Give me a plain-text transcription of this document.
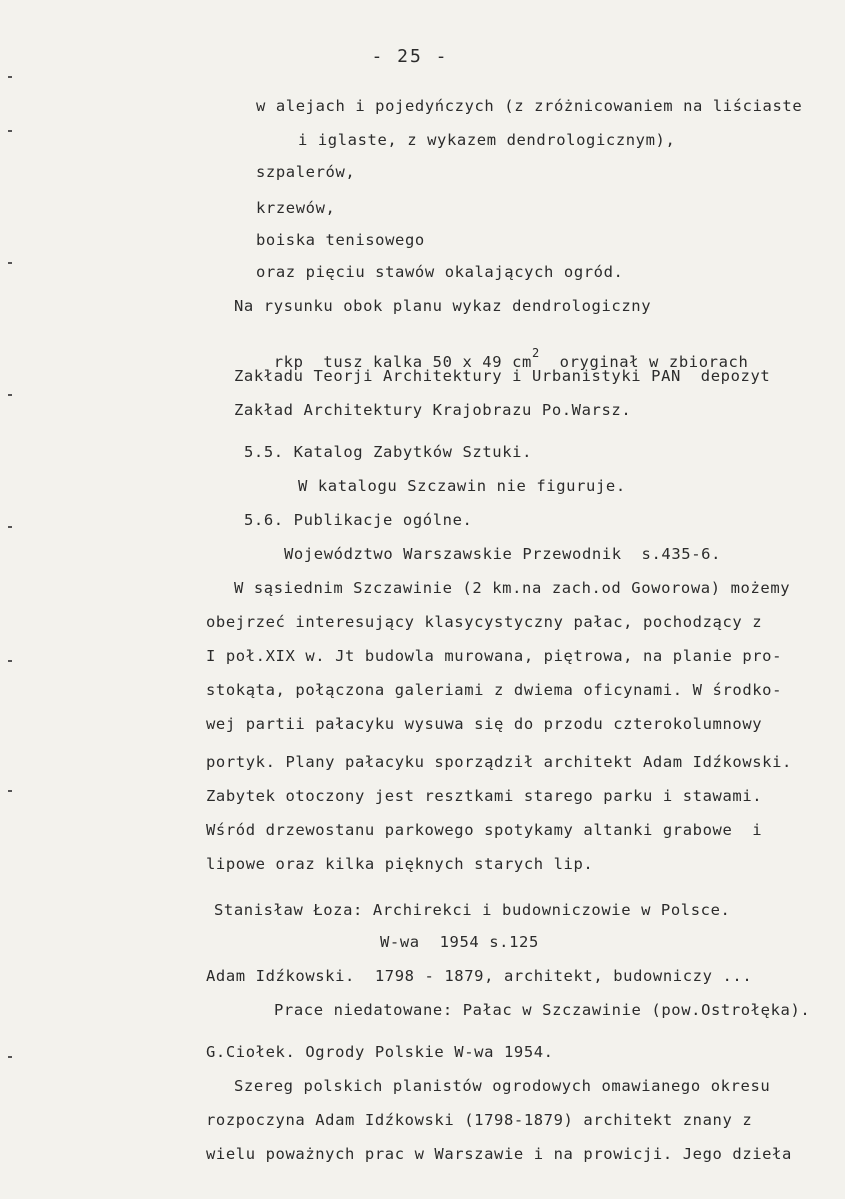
- 25 -
w alejach i pojedyńczych (z zróżnicowaniem na liściaste
i iglaste, z wykazem dendrologicznym),
szpalerów,
krzewów,
boiska tenisowego
oraz pięciu stawów okalających ogród.
Na rysunku obok planu wykaz dendrologiczny

rkp  tusz kalka 50 x 49 $cm^2$ oryginał w zbiorach

Zakładu Teorji Architektury i Urbanistyki PAN  depozyt
Zakład Architektury Krajobrazu Po.Warsz.
5.5. Katalog Zabytków Sztuki.
W katalogu Szczawin nie figuruje.
5.6. Publikacje ogólne.
Województwo Warszawskie Przewodnik  s.435-6.
W sąsiednim Szczawinie (2 km.na zach.od Goworowa) możemy
obejrzeć interesujący klasycystyczny pałac, pochodzący z
I poł.XIX w. Jt budowla murowana, piętrowa, na planie pro-
stokąta, połączona galeriami z dwiema oficynami. W środko-
wej partii pałacyku wysuwa się do przodu czterokolumnowy
portyk. Plany pałacyku sporządził architekt Adam Idźkowski.
Zabytek otoczony jest resztkami starego parku i stawami.
Wśród drzewostanu parkowego spotykamy altanki grabowe  i
lipowe oraz kilka pięknych starych lip.
Stanisław Łoza: Archirekci i budowniczowie w Polsce.
W-wa  1954 s.125
Adam Idźkowski.  1798 - 1879, architekt, budowniczy ...
Prace niedatowane: Pałac w Szczawinie (pow.Ostrołęka).
G.Ciołek. Ogrody Polskie W-wa 1954.
Szereg polskich planistów ogrodowych omawianego okresu
rozpoczyna Adam Idźkowski (1798-1879) architekt znany z
wielu poważnych prac w Warszawie i na prowicji. Jego dzieła
